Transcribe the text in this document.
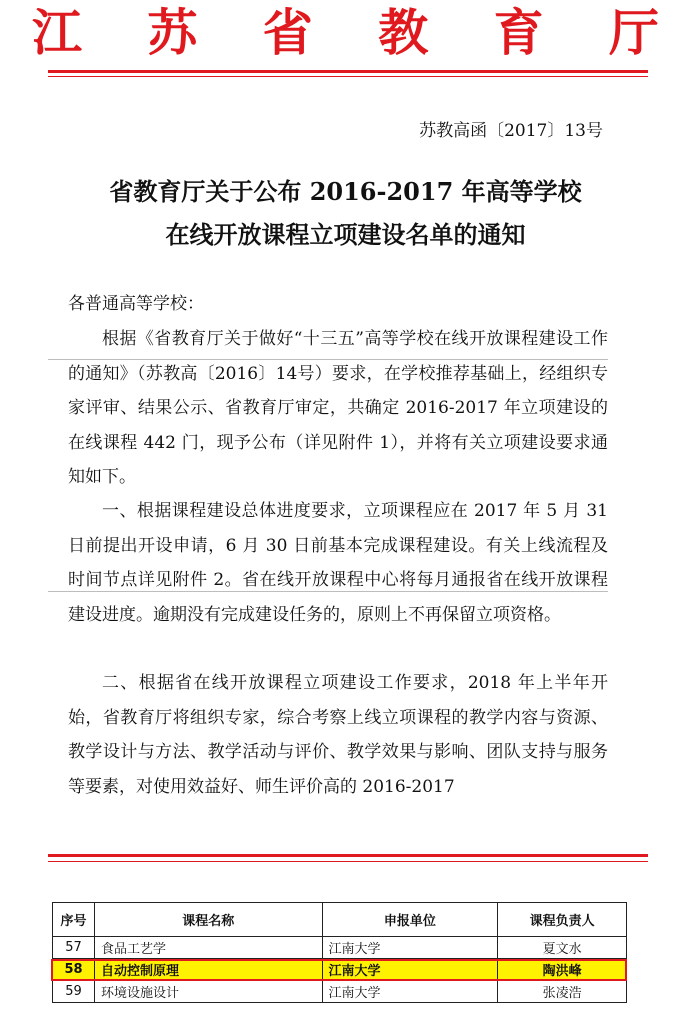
江 苏 省 教 育 厅
苏教高函〔2017〕13号
省教育厅关于公布 2016-2017 年高等学校
在线开放课程立项建设名单的通知
各普通高等学校：
根据《省教育厅关于做好“十三五”高等学校在线开放课程建设工作的通知》（苏教高〔2016〕14号）要求，在学校推荐基础上，经组织专家评审、结果公示、省教育厅审定，共确定 2016-2017 年立项建设的在线课程 442 门，现予公布（详见附件 1），并将有关立项建设要求通知如下。
一、根据课程建设总体进度要求，立项课程应在 2017 年 5 月 31 日前提出开设申请，6 月 30 日前基本完成课程建设。有关上线流程及时间节点详见附件 2。省在线开放课程中心将每月通报省在线开放课程建设进度。逾期没有完成建设任务的，原则上不再保留立项资格。
二、根据省在线开放课程立项建设工作要求，2018 年上半年开始，省教育厅将组织专家，综合考察上线立项课程的教学内容与资源、教学设计与方法、教学活动与评价、教学效果与影响、团队支持与服务等要素，对使用效益好、师生评价高的 2016-2017
序号	课程名称	申报单位	课程负责人
57	食品工艺学	江南大学	夏文水
58	自动控制原理	江南大学	陶洪峰
59	环境设施设计	江南大学	张凌浩
